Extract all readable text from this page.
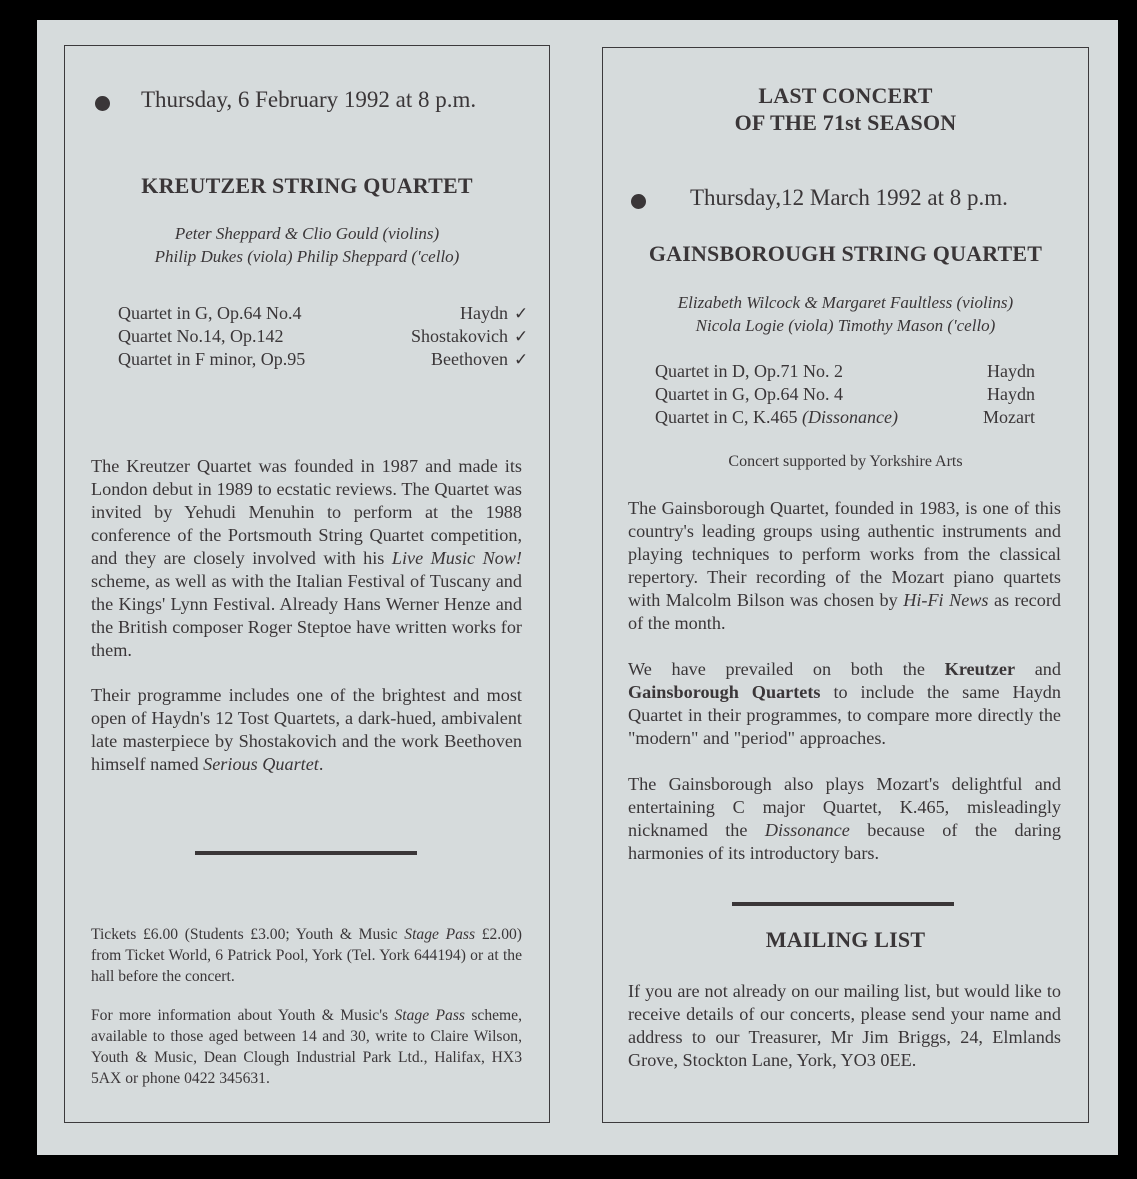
Thursday, 6 February 1992 at 8 p.m.
KREUTZER STRING QUARTET
Peter Sheppard & Clio Gould (violins)
Philip Dukes (viola) Philip Sheppard ('cello)
Quartet in G, Op.64 No.4	Haydn ✓
Quartet No.14, Op.142	Shostakovich ✓
Quartet in F minor, Op.95	Beethoven ✓
The Kreutzer Quartet was founded in 1987 and made its London debut in 1989 to ecstatic reviews. The Quartet was invited by Yehudi Menuhin to perform at the 1988 conference of the Portsmouth String Quartet competition, and they are closely involved with his Live Music Now! scheme, as well as with the Italian Festival of Tuscany and the Kings' Lynn Festival. Already Hans Werner Henze and the British composer Roger Steptoe have written works for them.
Their programme includes one of the brightest and most open of Haydn's 12 Tost Quartets, a dark-hued, ambivalent late masterpiece by Shostakovich and the work Beethoven himself named Serious Quartet.
Tickets £6.00 (Students £3.00; Youth & Music Stage Pass £2.00) from Ticket World, 6 Patrick Pool, York (Tel. York 644194) or at the hall before the concert.
For more information about Youth & Music's Stage Pass scheme, available to those aged between 14 and 30, write to Claire Wilson, Youth & Music, Dean Clough Industrial Park Ltd., Halifax, HX3 5AX or phone 0422 345631.
LAST CONCERT
OF THE 71st SEASON
Thursday,12 March 1992 at 8 p.m.
GAINSBOROUGH STRING QUARTET
Elizabeth Wilcock & Margaret Faultless (violins)
Nicola Logie (viola) Timothy Mason ('cello)
Quartet in D, Op.71 No. 2	Haydn
Quartet in G, Op.64 No. 4	Haydn
Quartet in C, K.465 (Dissonance)	Mozart
Concert supported by Yorkshire Arts
The Gainsborough Quartet, founded in 1983, is one of this country's leading groups using authentic instruments and playing techniques to perform works from the classical repertory. Their recording of the Mozart piano quartets with Malcolm Bilson was chosen by Hi-Fi News as record of the month.
We have prevailed on both the Kreutzer and Gainsborough Quartets to include the same Haydn Quartet in their programmes, to compare more directly the "modern" and "period" approaches.
The Gainsborough also plays Mozart's delightful and entertaining C major Quartet, K.465, misleadingly nicknamed the Dissonance because of the daring harmonies of its introductory bars.
MAILING LIST
If you are not already on our mailing list, but would like to receive details of our concerts, please send your name and address to our Treasurer, Mr Jim Briggs, 24, Elmlands Grove, Stockton Lane, York, YO3 0EE.
